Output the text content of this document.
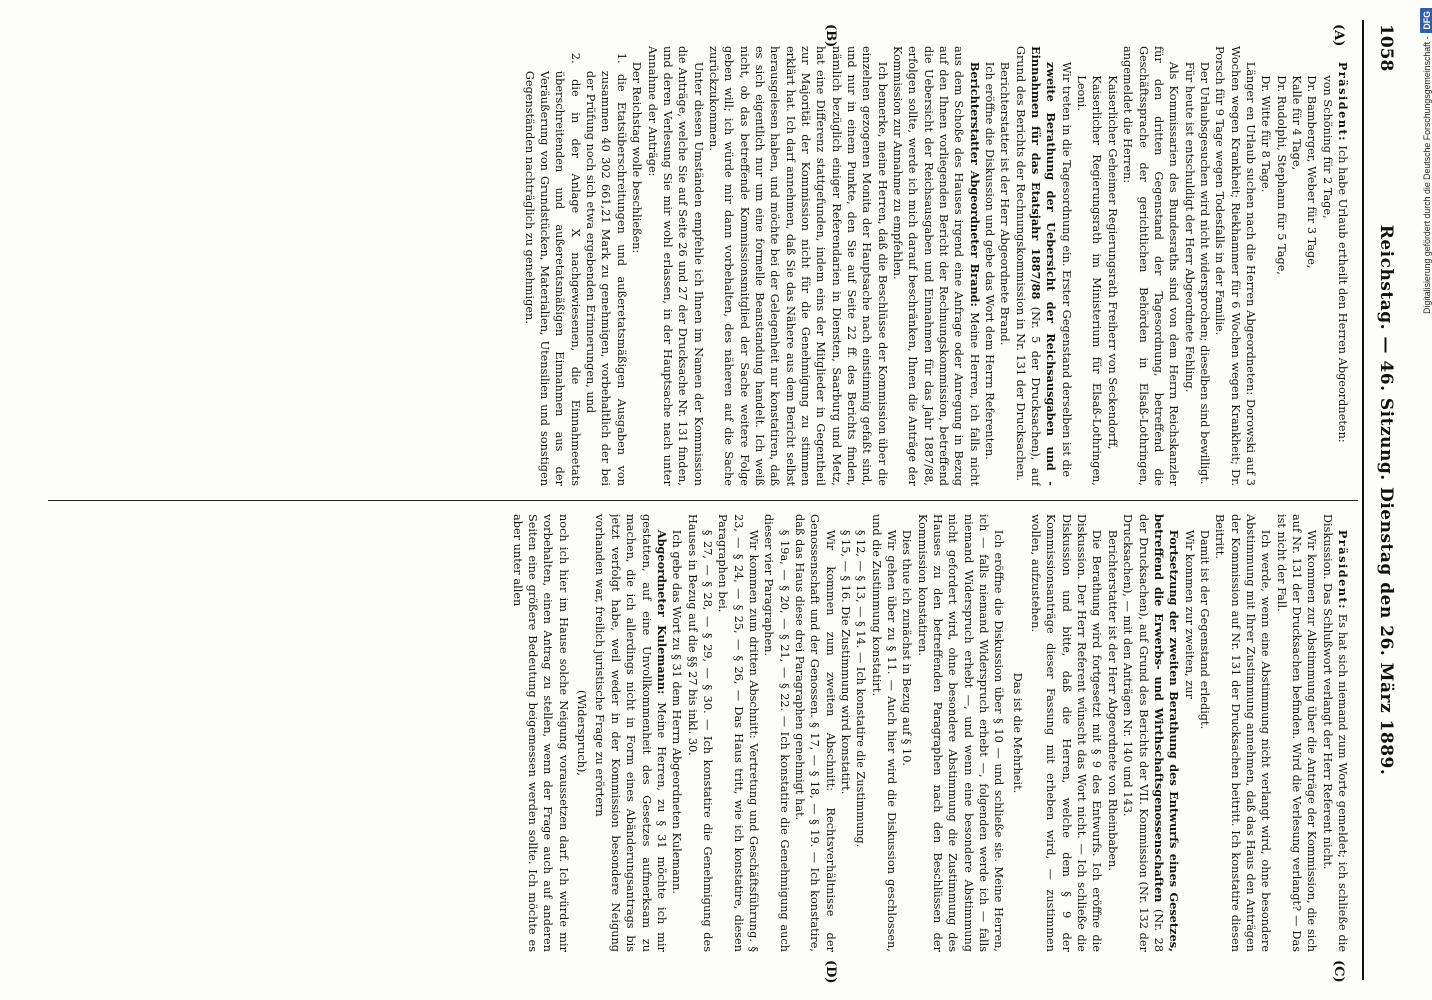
1058
Reichstag. — 46. Sitzung. Dienstag den 26. März 1889.
(A)
(B)
(C)
(D)

Präsident: Ich habe Urlaub ertheilt den Herren Abgeordneten:

von Schöning für 2 Tage,

Dr. Bamberger, Weber für 3 Tage,

Kalle für 4 Tage,

Dr. Rudolphi, Stephann für 5 Tage,

Dr. Witte für 8 Tage.

Länger en Urlaub suchen nach die Herren Abgeordneten: Dorowski auf 3 Wochen wegen Krankheit; Riekhammer für 6 Wochen wegen Krankheit; Dr. Porsch für 9 Tage wegen Todesfalls in der Familie.

Der Urlaubsgesuchen wird nicht widersprochen; dieselben sind bewilligt.

Für heute ist entschuldigt der Herr Abgeordnete Fehling.

Als Kommissarien des Bundesraths sind von dem Herrn Reichskanzler für den dritten Gegenstand der Tagesordnung, betreffend die Geschäftssprache der gerichtlichen Behörden in Elsaß-Lothringen, angemeldet die Herren:

Kaiserlicher Geheimer Regierungsrath Freiherr von Seckendorff,

Kaiserlicher Regierungsrath im Ministerium für Elsaß-Lothringen, Leoni.

Wir treten in die Tagesordnung ein. Erster Gegenstand derselben ist die

zweite Berathung der Uebersicht der Reichsausgaben und -Einnahmen für das Etatsjahr 1887/88 (Nr. 5 der Drucksachen), auf Grund des Berichts der Rechnungskommission in Nr. 131 der Drucksachen.

Berichterstatter ist der Herr Abgeordnete Brand.

Ich eröffne die Diskussion und gebe das Wort dem Herrn Referenten.

Berichterstatter Abgeordneter Brand: Meine Herren, ich falls nicht aus dem Schoße des Hauses irgend eine Anfrage oder Anregung in Bezug auf den Ihnen vorliegenden Bericht der Rechnungskommission, betreffend die Uebersicht der Reichsausgaben und Einnahmen für das Jahr 1887/88, erfolgen sollte, werde ich mich darauf beschränken, Ihnen die Anträge der Kommission zur Annahme zu empfehlen.

Ich bemerke, meine Herren, daß die Beschlüsse der Kommission über die einzelnen gezogenen Monita der Hauptsache nach einstimmig gefaßt sind, und nur in einem Punkte, den Sie auf Seite 22 ff. des Berichts finden, nämlich bezüglich einiger Referendarien in Diensten, Saarburg und Metz, hat eine Differenz stattgefunden, indem eins der Mitglieder in Gegentheil zur Majorität der Kommission nicht für die Genehmigung zu stimmen erklärt hat. Ich darf annehmen, daß Sie das Nähere aus dem Bericht selbst herausgelesen haben, und möchte bei der Gelegenheit nur konstatiren, daß es sich eigentlich nur um eine formelle Beanstandung handelt. Ich weiß nicht, ob das betreffende Kommissionsmitglied der Sache weitere Folge geben will; ich würde mir dann vorbehalten, des näheren auf die Sache zurückzukommen.

Unter diesen Umständen empfehle ich Ihnen im Namen der Kommission die Anträge, welche Sie auf Seite 26 und 27 der Drucksache Nr. 131 finden, und deren Verlesung Sie mir wohl erlassen, in der Hauptsache nach unter Annahme der Anträge:

Der Reichstag wolle beschließen:

1. die Etatsüberschreitungen und außeretatsmäßigen Ausgaben von zusammen 40 302 661,21 Mark zu genehmigen, vorbehaltlich der bei der Prüfung noch sich etwa ergebenden Erinnerungen, und

2. die in der Anlage X nachgewiesenen, die Einnahmeetats überschreitenden und außeretatsmäßigen Einnahmen aus der Veräußerung von Grundstücken, Materialien, Utensilien und sonstigen Gegenständen nachträglich zu genehmigen.

Präsident: Es hat sich niemand zum Worte gemeldet; ich schließe die Diskussion. Das Schlußwort verlangt der Herr Referent nicht.

Wir kommen zur Abstimmung über die Anträge der Kommission, die sich auf Nr. 131 der Drucksachen befinden. Wird die Verlesung verlangt? — Das ist nicht der Fall.

Ich werde, wenn eine Abstimmung nicht verlangt wird, ohne besondere Abstimmung mit Ihrer Zustimmung annehmen, daß das Haus den Anträgen der Kommission auf Nr. 131 der Drucksachen beitritt. Ich konstatire diesen Beitritt.

Damit ist der Gegenstand erledigt.

Wir kommen zur zweiten, zur

Fortsetzung der zweiten Berathung des Entwurfs eines Gesetzes, betreffend die Erwerbs- und Wirthschaftsgenossenschaften (Nr. 28 der Drucksachen), auf Grund des Berichts der VII. Kommission (Nr. 132 der Drucksachen), — mit den Anträgen Nr. 140 und 143.

Berichterstatter ist der Herr Abgeordnete von Rheinbaben.

Die Berathung wird fortgesetzt mit § 9 des Entwurfs. Ich eröffne die Diskussion. Der Herr Referent wünscht das Wort nicht. — Ich schließe die Diskussion und bitte, daß die Herren, welche dem § 9 der Kommissionsanträge dieser Fassung mit erheben wird, — zustimmen wollen, aufzustehen.

Das ist die Mehrheit.

Ich eröffne die Diskussion über § 10 — und schließe sie. Meine Herren, ich — falls niemand Widerspruch erhebt —, folgenden werde ich — falls niemand Widerspruch erhebt —, und wenn eine besondere Abstimmung nicht gefordert wird, ohne besondere Abstimmung die Zustimmung des Hauses zu den betreffenden Paragraphen nach den Beschlüssen der Kommission konstatiren.

Dies thue ich zunächst in Bezug auf § 10.

Wir gehen über zu § 11. — Auch hier wird die Diskussion geschlossen, und die Zustimmung konstatirt.

§ 12, — § 13, — § 14. — Ich konstatire die Zustimmung.

§ 15, — § 16. Die Zustimmung wird konstatirt.

Wir kommen zum zweiten Abschnitt: Rechtsverhältnisse der Genossenschaft und der Genossen. § 17, — § 18, — § 19. — Ich konstatire, daß das Haus diese drei Paragraphen genehmigt hat.

§ 19a, — § 20, — § 21, — § 22. — Ich konstatire die Genehmigung auch dieser vier Paragraphen.

Wir kommen zum dritten Abschnitt: Vertretung und Geschäftsführung. § 23, — § 24, — § 25, — § 26, — Das Haus tritt, wie ich konstatire, diesen Paragraphen bei.

§ 27, — § 28, — § 29, — § 30. — Ich konstatire die Genehmigung des Hauses in Bezug auf die §§ 27 bis inkl. 30.

Ich gebe das Wort zu § 31 dem Herrn Abgeordneten Kulemann.

Abgeordneter Kulemann: Meine Herren, zu § 31 möchte ich mir gestatten, auf eine Unvollkommenheit des Gesetzes aufmerksam zu machen, die ich allerdings nicht in Form eines Abänderungsantrags bis jetzt verfolgt habe, weil weder in der Kommission besondere Neigung vorhanden war, freilich juristische Frage zu erörtern

(Widerspruch),

noch ich hier im Hause solche Neigung voraussetzen darf. Ich würde mir vorbehalten, einen Antrag zu stellen, wenn der Frage auch auf anderen Seiten eine größere Bedeutung beigemessen werden sollte. Ich möchte es aber unter allen

Digitalisierung gefördert durch die Deutsche Forschungsgemeinschaft -DFG
